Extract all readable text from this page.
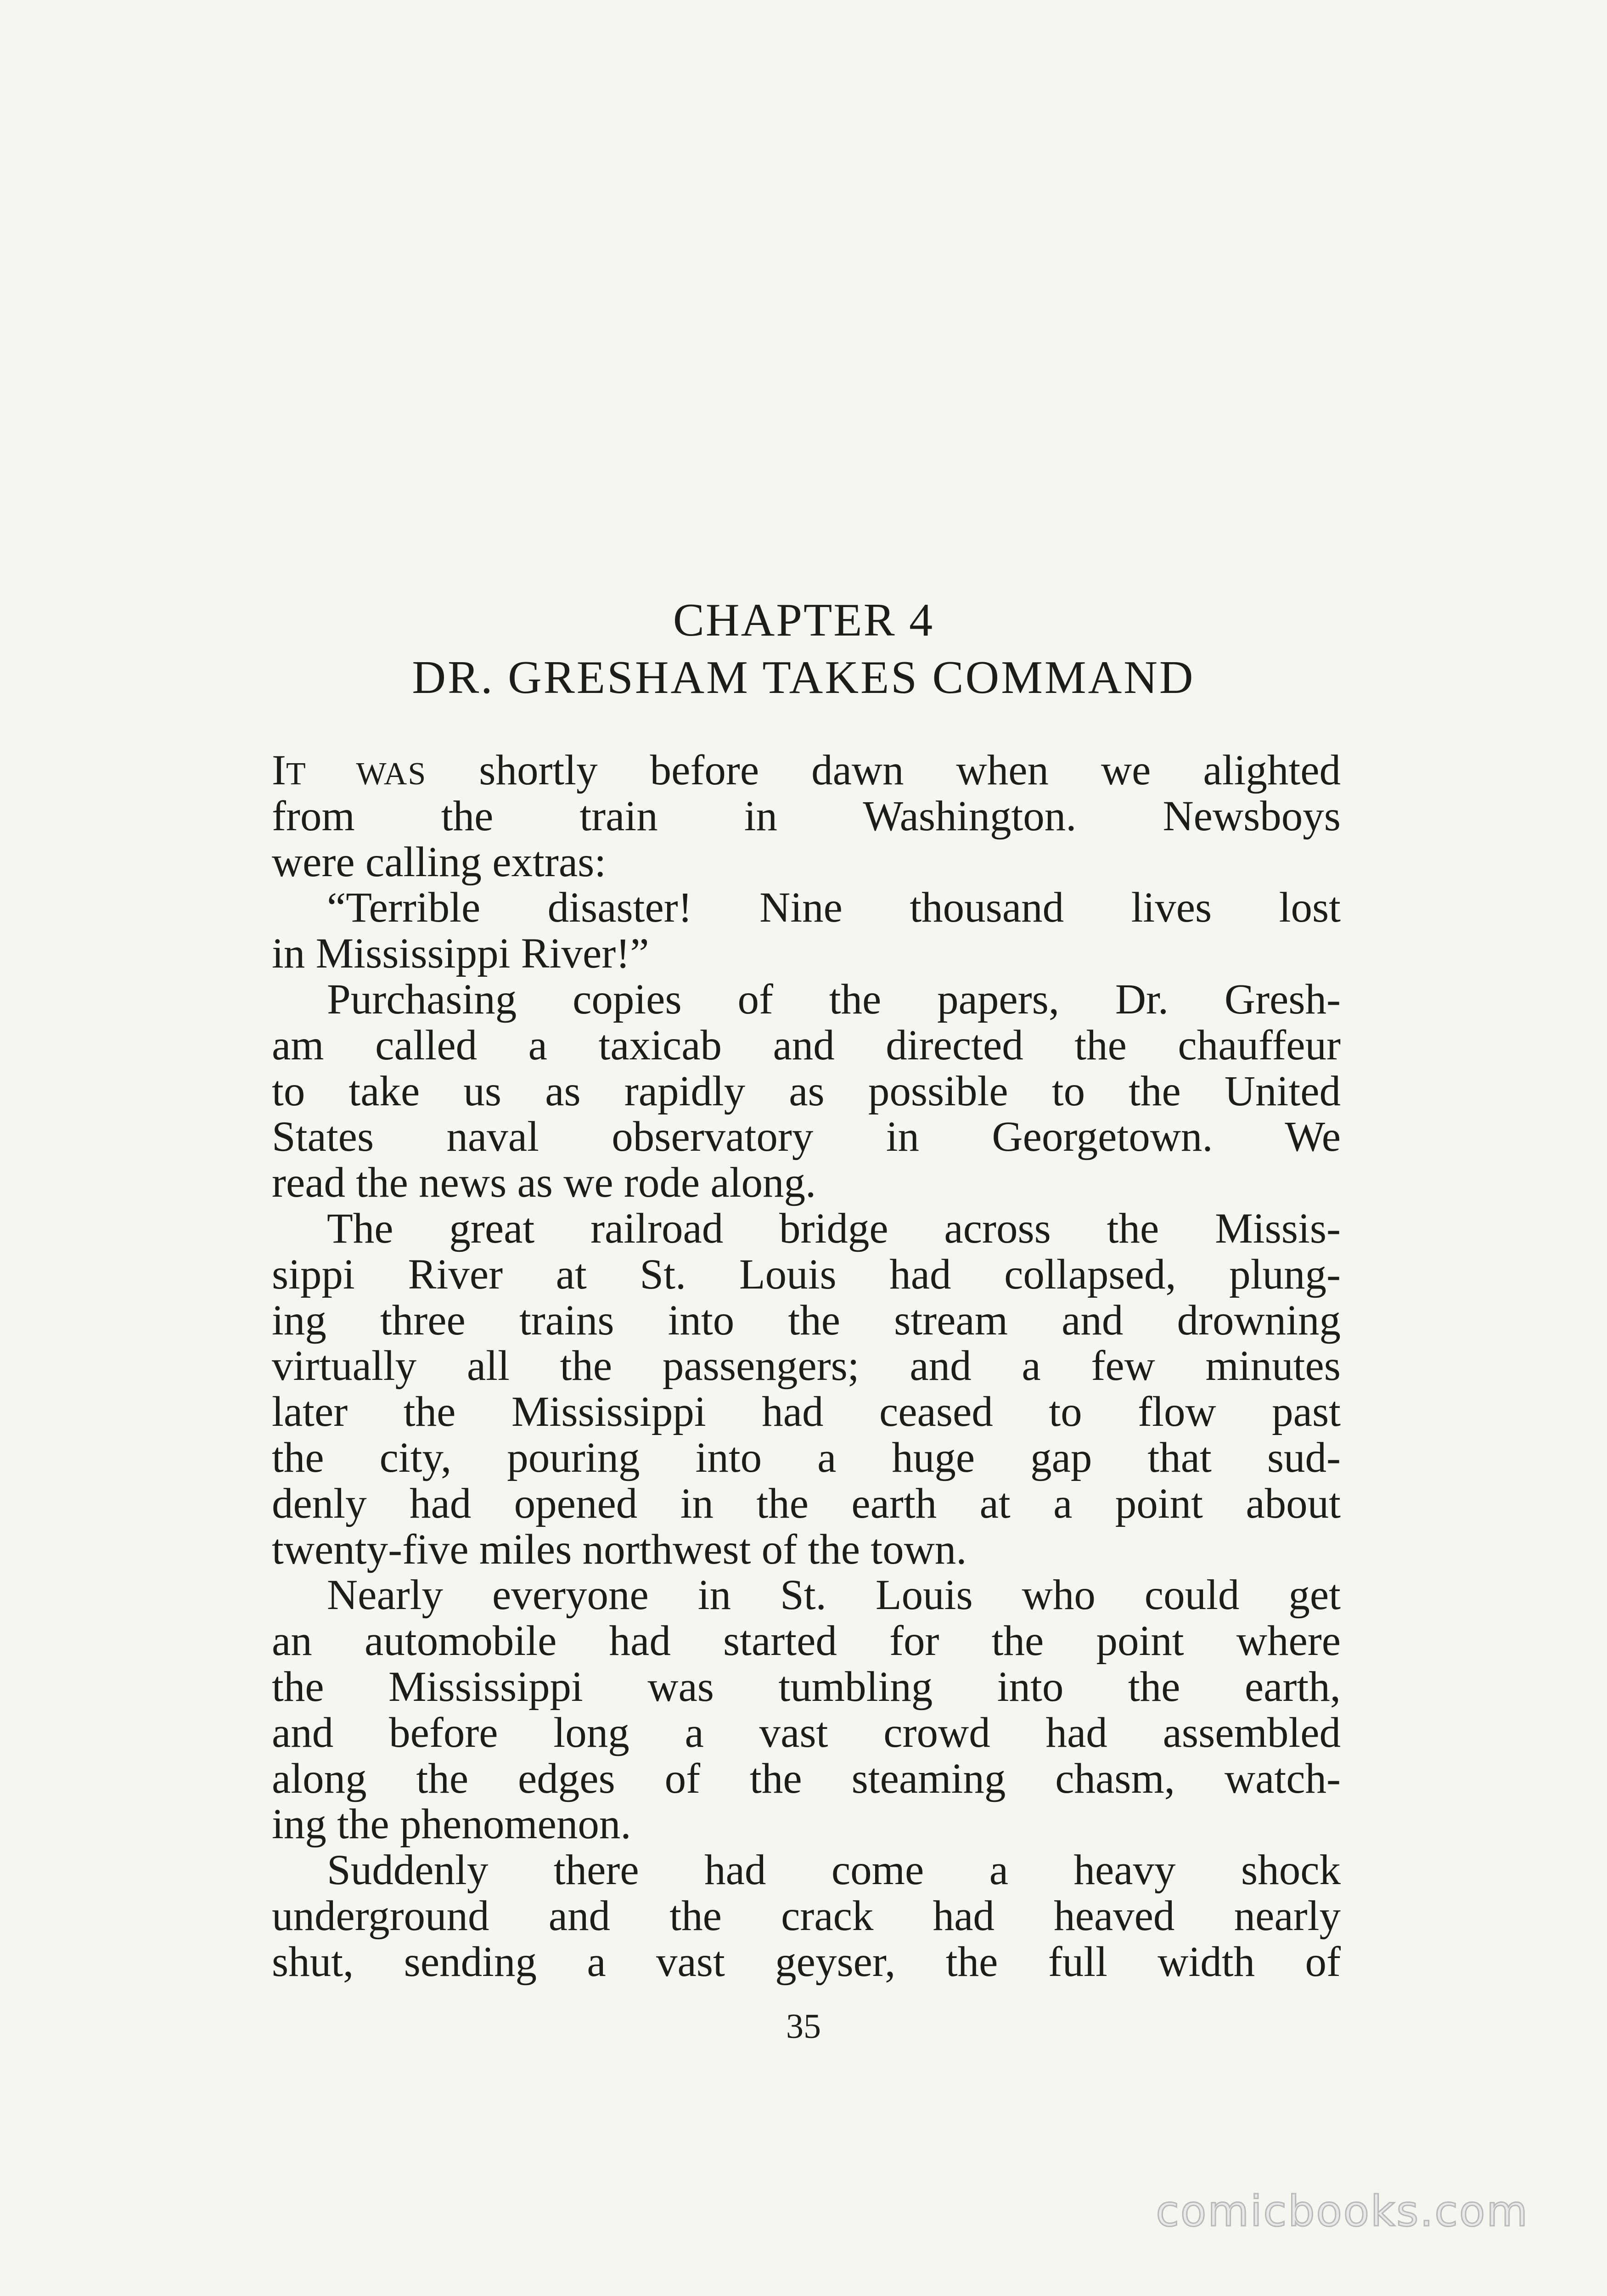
CHAPTER 4
DR. GRESHAM TAKES COMMAND
IT WAS shortly before dawn when we alighted
from the train in Washington. Newsboys
were calling extras:
“Terrible disaster! Nine thousand lives lost
in Mississippi River!”
Purchasing copies of the papers, Dr. Gresh-
am called a taxicab and directed the chauffeur
to take us as rapidly as possible to the United
States naval observatory in Georgetown. We
read the news as we rode along.
The great railroad bridge across the Missis-
sippi River at St. Louis had collapsed, plung-
ing three trains into the stream and drowning
virtually all the passengers; and a few minutes
later the Mississippi had ceased to flow past
the city, pouring into a huge gap that sud-
denly had opened in the earth at a point about
twenty-five miles northwest of the town.
Nearly everyone in St. Louis who could get
an automobile had started for the point where
the Mississippi was tumbling into the earth,
and before long a vast crowd had assembled
along the edges of the steaming chasm, watch-
ing the phenomenon.
Suddenly there had come a heavy shock
underground and the crack had heaved nearly
shut, sending a vast geyser, the full width of
35
comicbooks.com
